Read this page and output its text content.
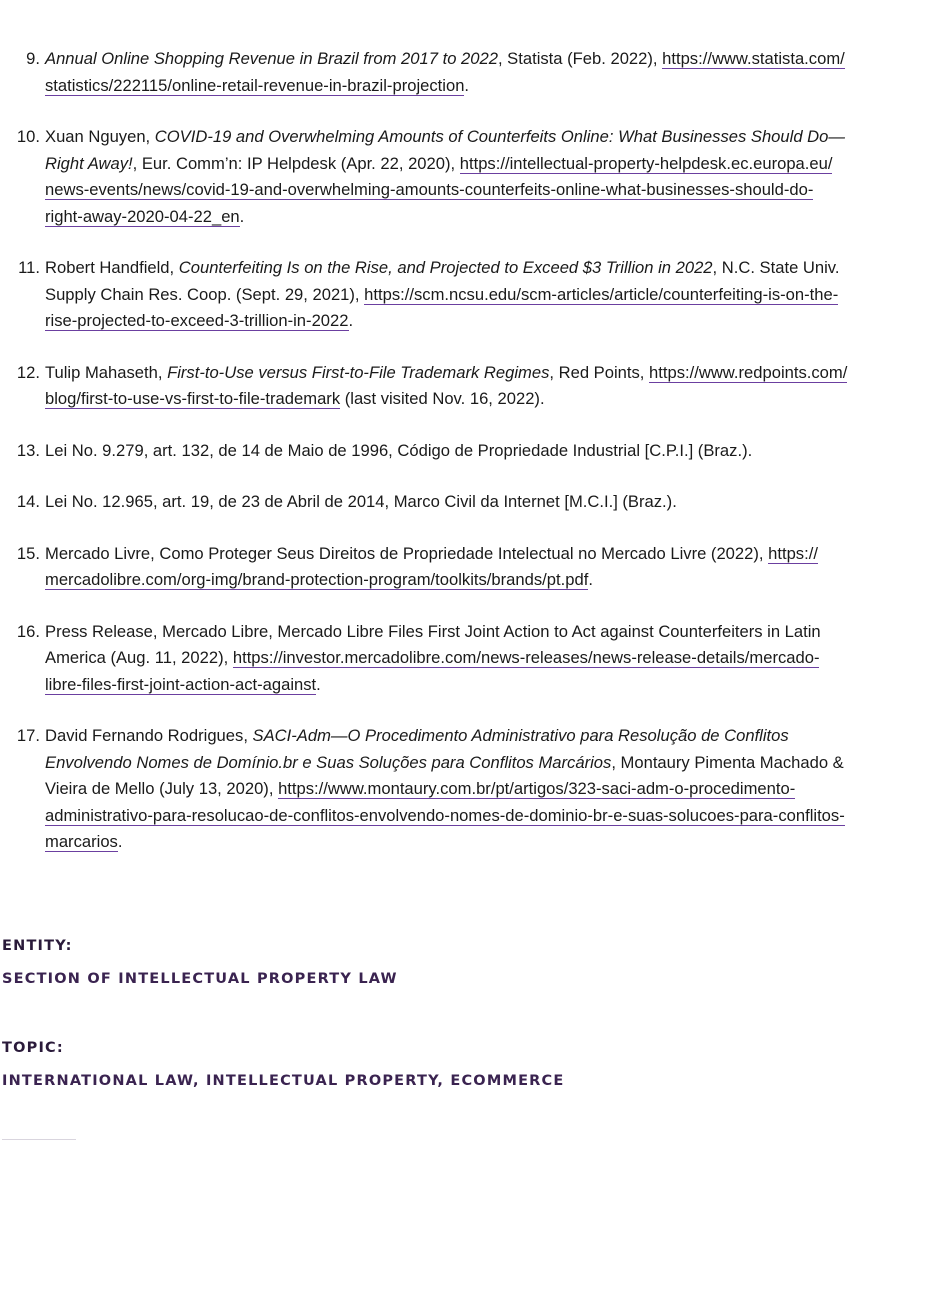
9. Annual Online Shopping Revenue in Brazil from 2017 to 2022, Statista (Feb. 2022), https://www.statista.com/statistics/222115/online-retail-revenue-in-brazil-projection.
10. Xuan Nguyen, COVID-19 and Overwhelming Amounts of Counterfeits Online: What Businesses Should Do—Right Away!, Eur. Comm’n: IP Helpdesk (Apr. 22, 2020), https://intellectual-property-helpdesk.ec.europa.eu/news-events/news/covid-19-and-overwhelming-amounts-counterfeits-online-what-businesses-should-do-right-away-2020-04-22_en.
11. Robert Handfield, Counterfeiting Is on the Rise, and Projected to Exceed $3 Trillion in 2022, N.C. State Univ. Supply Chain Res. Coop. (Sept. 29, 2021), https://scm.ncsu.edu/scm-articles/article/counterfeiting-is-on-the-rise-projected-to-exceed-3-trillion-in-2022.
12. Tulip Mahaseth, First-to-Use versus First-to-File Trademark Regimes, Red Points, https://www.redpoints.com/blog/first-to-use-vs-first-to-file-trademark (last visited Nov. 16, 2022).
13. Lei No. 9.279, art. 132, de 14 de Maio de 1996, Código de Propriedade Industrial [C.P.I.] (Braz.).
14. Lei No. 12.965, art. 19, de 23 de Abril de 2014, Marco Civil da Internet [M.C.I.] (Braz.).
15. Mercado Livre, Como Proteger Seus Direitos de Propriedade Intelectual no Mercado Livre (2022), https://mercadolibre.com/org-img/brand-protection-program/toolkits/brands/pt.pdf.
16. Press Release, Mercado Libre, Mercado Libre Files First Joint Action to Act against Counterfeiters in Latin America (Aug. 11, 2022), https://investor.mercadolibre.com/news-releases/news-release-details/mercado-libre-files-first-joint-action-act-against.
17. David Fernando Rodrigues, SACI-Adm—O Procedimento Administrativo para Resolução de Conflitos Envolvendo Nomes de Domínio.br e Suas Soluções para Conflitos Marcários, Montaury Pimenta Machado & Vieira de Mello (July 13, 2020), https://www.montaury.com.br/pt/artigos/323-saci-adm-o-procedimento-administrativo-para-resolucao-de-conflitos-envolvendo-nomes-de-dominio-br-e-suas-solucoes-para-conflitos-marcarios.
ENTITY:
SECTION OF INTELLECTUAL PROPERTY LAW
TOPIC:
INTERNATIONAL LAW, INTELLECTUAL PROPERTY, ECOMMERCE
